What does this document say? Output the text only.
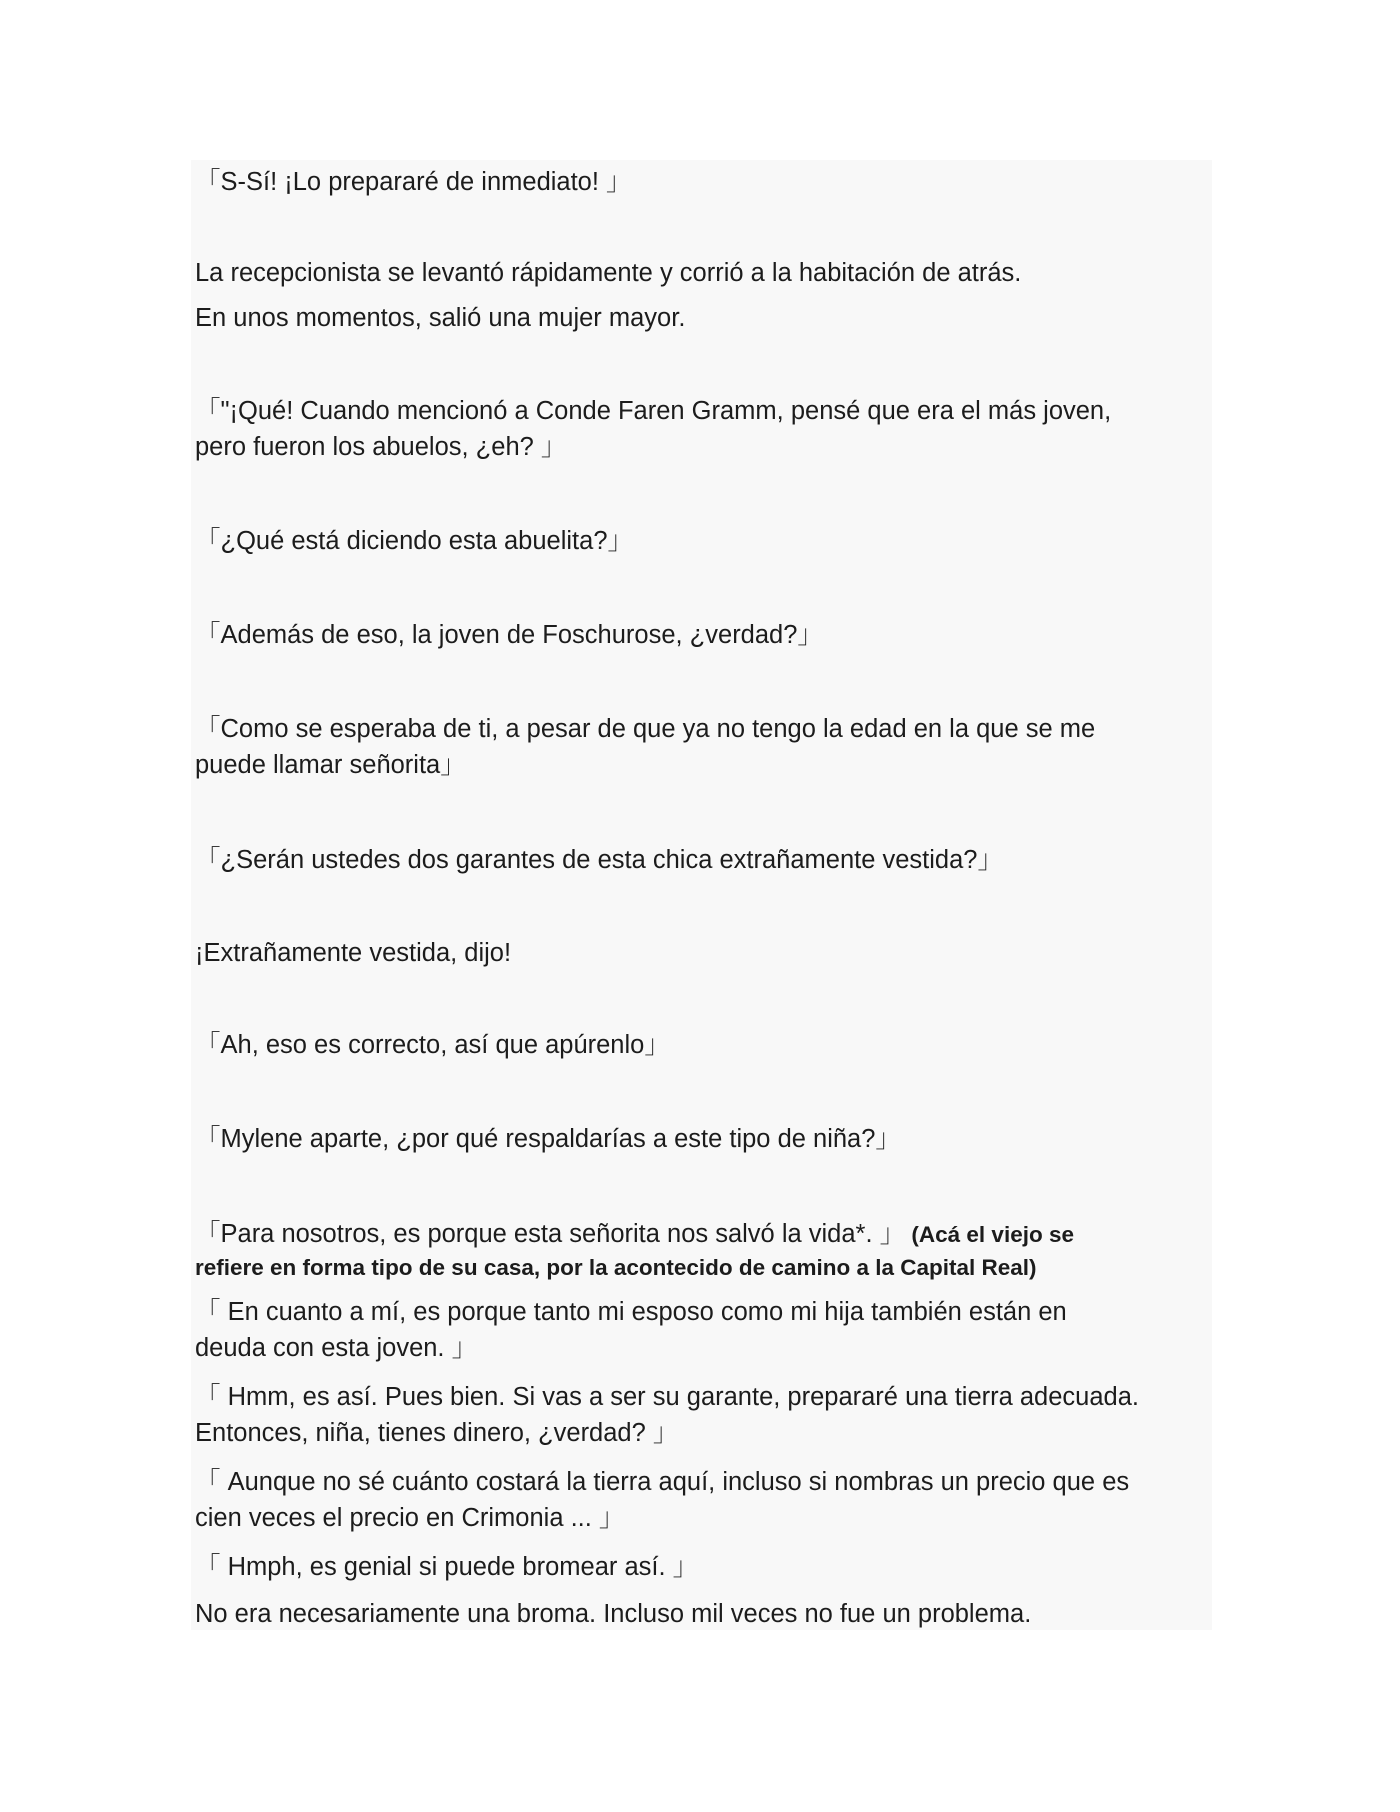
「S-Sí! ¡Lo prepararé de inmediato! 」

La recepcionista se levantó rápidamente y corrió a la habitación de atrás.

En unos momentos, salió una mujer mayor.

「"¡Qué! Cuando mencionó a Conde Faren Gramm, pensé que era el más joven,
pero fueron los abuelos, ¿eh? 」

「¿Qué está diciendo esta abuelita?」

「Además de eso, la joven de Foschurose, ¿verdad?」

「Como se esperaba de ti, a pesar de que ya no tengo la edad en la que se me
puede llamar señorita」

「¿Serán ustedes dos garantes de esta chica extrañamente vestida?」

¡Extrañamente vestida, dijo!

「Ah, eso es correcto, así que apúrenlo」

「Mylene aparte, ¿por qué respaldarías a este tipo de niña?」

「Para nosotros, es porque esta señorita nos salvó la vida*. 」 (Acá el viejo se
refiere en forma tipo de su casa, por la acontecido de camino a la Capital Real)

「 En cuanto a mí, es porque tanto mi esposo como mi hija también están en
deuda con esta joven. 」

「 Hmm, es así. Pues bien. Si vas a ser su garante, prepararé una tierra adecuada.
Entonces, niña, tienes dinero, ¿verdad? 」

「 Aunque no sé cuánto costará la tierra aquí, incluso si nombras un precio que es
cien veces el precio en Crimonia ... 」

「 Hmph, es genial si puede bromear así. 」

No era necesariamente una broma. Incluso mil veces no fue un problema.
